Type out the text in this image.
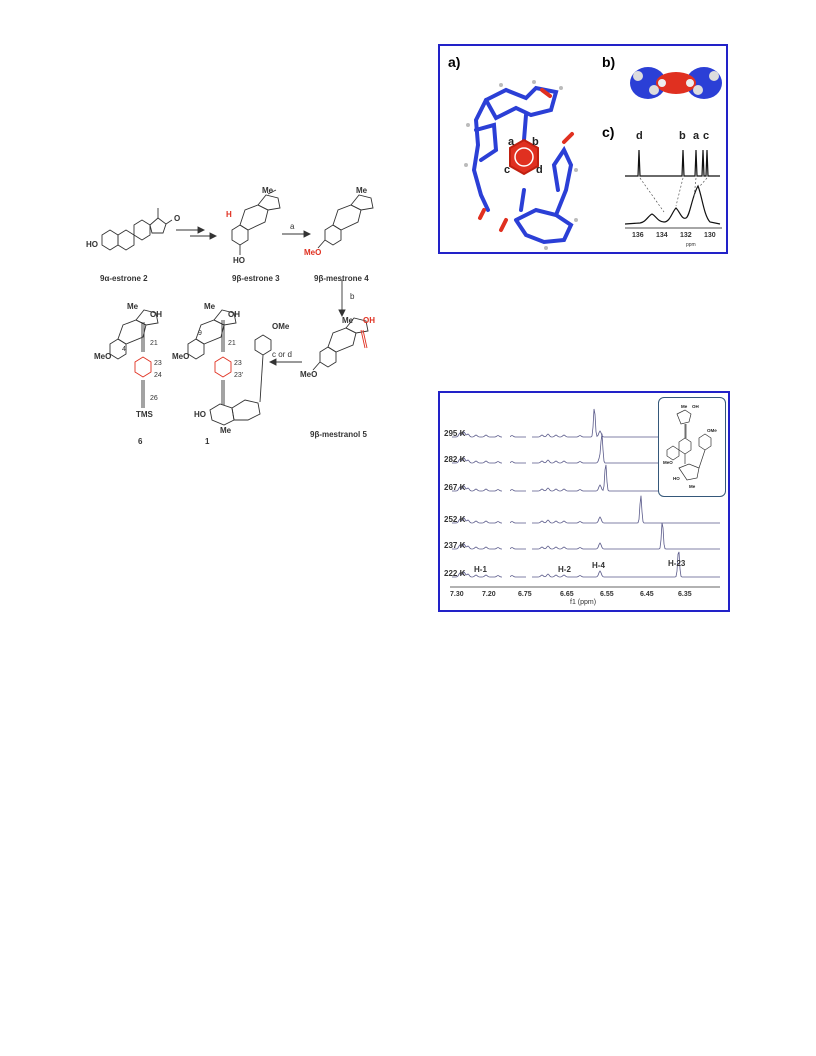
9α-estrone 2	9β-estrone 3	9β-mestrone 4
9β-mestranol 5
1
6
a
b
c or d
HO
O	H
Me
HO
Me
MeO
Me OH
MeO
Me
OH
MeO
OMe
HO
Me
Me
OH
MeO
TMS
21
23
23'
21
23
24
26
4
9
a)	b)
c)
a b
c d
d	b a c
136 134 132 130
ppm
Me OH
MeO
OMe
HO
Me
295 K
282 K
267 K
252 K
237 K
222 K H-1	H-2	H-4	H-23
7.30	7.20	6.75	6.65	6.55	6.45	6.35
f1 (ppm)
